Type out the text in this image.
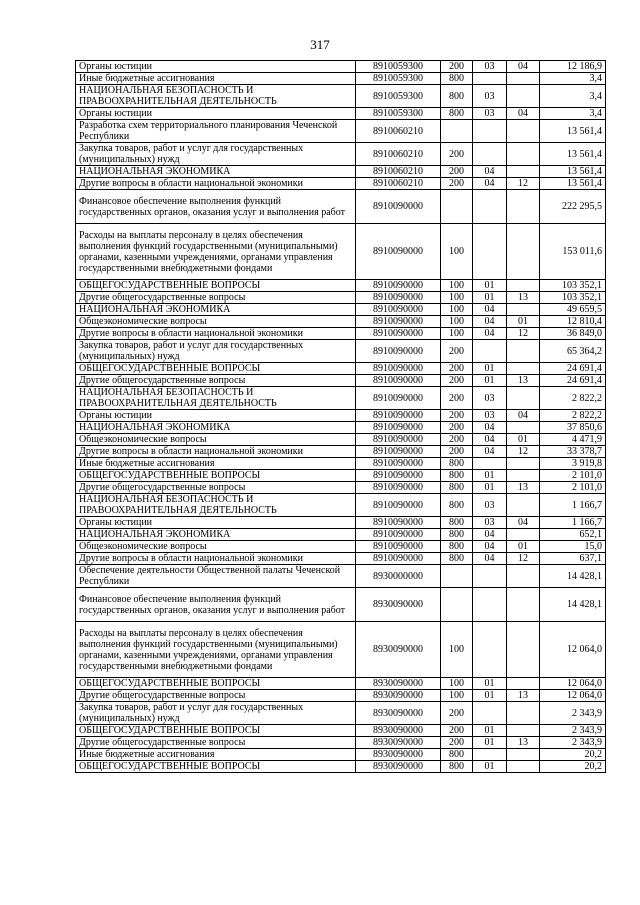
317
Органы юстиции	8910059300	200	03	04	12 186,9
Иные бюджетные ассигнования	8910059300	800			3,4
НАЦИОНАЛЬНАЯ БЕЗОПАСНОСТЬ И ПРАВООХРАНИТЕЛЬНАЯ ДЕЯТЕЛЬНОСТЬ	8910059300	800	03		3,4
Органы юстиции	8910059300	800	03	04	3,4
Разработка схем территориального планирования Чеченской Республики	8910060210				13 561,4
Закупка товаров, работ и услуг для государственных (муниципальных) нужд	8910060210	200			13 561,4
НАЦИОНАЛЬНАЯ ЭКОНОМИКА	8910060210	200	04		13 561,4
Другие вопросы в области национальной экономики	8910060210	200	04	12	13 561,4
Финансовое обеспечение выполнения функций государственных органов, оказания услуг и выполнения работ	8910090000				222 295,5
Расходы на выплаты персоналу в целях обеспечения выполнения функций государственными (муниципальными) органами, казенными учреждениями, органами управления государственными внебюджетными фондами	8910090000	100			153 011,6
ОБЩЕГОСУДАРСТВЕННЫЕ ВОПРОСЫ	8910090000	100	01		103 352,1
Другие общегосударственные вопросы	8910090000	100	01	13	103 352,1
НАЦИОНАЛЬНАЯ ЭКОНОМИКА	8910090000	100	04		49 659,5
Общеэкономические вопросы	8910090000	100	04	01	12 810,4
Другие вопросы в области национальной экономики	8910090000	100	04	12	36 849,0
Закупка товаров, работ и услуг для государственных (муниципальных) нужд	8910090000	200			65 364,2
ОБЩЕГОСУДАРСТВЕННЫЕ ВОПРОСЫ	8910090000	200	01		24 691,4
Другие общегосударственные вопросы	8910090000	200	01	13	24 691,4
НАЦИОНАЛЬНАЯ БЕЗОПАСНОСТЬ И ПРАВООХРАНИТЕЛЬНАЯ ДЕЯТЕЛЬНОСТЬ	8910090000	200	03		2 822,2
Органы юстиции	8910090000	200	03	04	2 822,2
НАЦИОНАЛЬНАЯ ЭКОНОМИКА	8910090000	200	04		37 850,6
Общеэкономические вопросы	8910090000	200	04	01	4 471,9
Другие вопросы в области национальной экономики	8910090000	200	04	12	33 378,7
Иные бюджетные ассигнования	8910090000	800			3 919,8
ОБЩЕГОСУДАРСТВЕННЫЕ ВОПРОСЫ	8910090000	800	01		2 101,0
Другие общегосударственные вопросы	8910090000	800	01	13	2 101,0
НАЦИОНАЛЬНАЯ БЕЗОПАСНОСТЬ И ПРАВООХРАНИТЕЛЬНАЯ ДЕЯТЕЛЬНОСТЬ	8910090000	800	03		1 166,7
Органы юстиции	8910090000	800	03	04	1 166,7
НАЦИОНАЛЬНАЯ ЭКОНОМИКА	8910090000	800	04		652,1
Общеэкономические вопросы	8910090000	800	04	01	15,0
Другие вопросы в области национальной экономики	8910090000	800	04	12	637,1
Обеспечение деятельности Общественной палаты Чеченской Республики	8930000000				14 428,1
Финансовое обеспечение выполнения функций государственных органов, оказания услуг и выполнения работ	8930090000				14 428,1
Расходы на выплаты персоналу в целях обеспечения выполнения функций государственными (муниципальными) органами, казенными учреждениями, органами управления государственными внебюджетными фондами	8930090000	100			12 064,0
ОБЩЕГОСУДАРСТВЕННЫЕ ВОПРОСЫ	8930090000	100	01		12 064,0
Другие общегосударственные вопросы	8930090000	100	01	13	12 064,0
Закупка товаров, работ и услуг для государственных (муниципальных) нужд	8930090000	200			2 343,9
ОБЩЕГОСУДАРСТВЕННЫЕ ВОПРОСЫ	8930090000	200	01		2 343,9
Другие общегосударственные вопросы	8930090000	200	01	13	2 343,9
Иные бюджетные ассигнования	8930090000	800			20,2
ОБЩЕГОСУДАРСТВЕННЫЕ ВОПРОСЫ	8930090000	800	01		20,2
